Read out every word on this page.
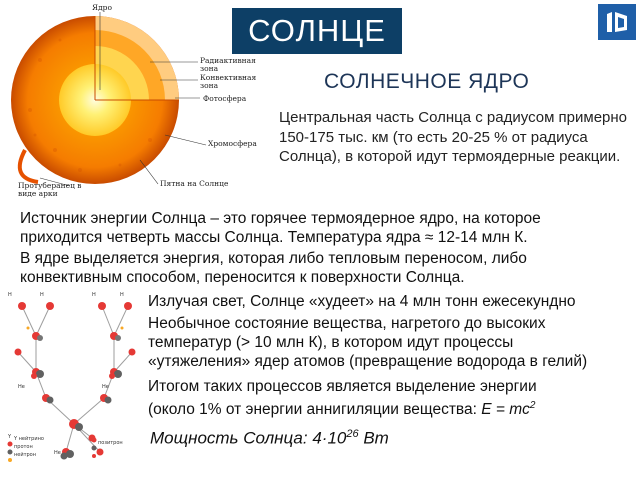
СОЛНЦЕ
Ядро
Радиактивная зона
Конвективная зона
Фотосфера
Хромосфера
Протуберанец в виде арки
Пятна на Солнце
СОЛНЕЧНОЕ ЯДРО
Центральная часть Солнца с радиусом примерно 150-175 тыс. км (то есть 20-25 % от радиуса Солнца), в которой идут термоядерные реакции.
Источник энергии Солнца – это горячее термоядерное ядро, на которое приходится четверть массы Солнца. Температура ядра ≈ 12-14 млн К.
В ядре выделяется энергия, которая либо тепловым переносом, либо конвективным способом, переносится к поверхности Солнца.
Y
H	H	H	H
He	He
He
Y нейтрино
протон
нейтрон
позитрон
Излучая свет, Солнце «худеет» на 4 млн тонн ежесекундно
Необычное состояние вещества, нагретого до высоких температур (> 10 млн К), в котором идут процессы «утяжеления» ядер атомов (превращение водорода в гелий)
Итогом таких процессов является выделение энергии (около 1% от энергии аннигиляции вещества: $E = mc^2$
Мощность Солнца: $4\cdot 10^{26}$ Вт
